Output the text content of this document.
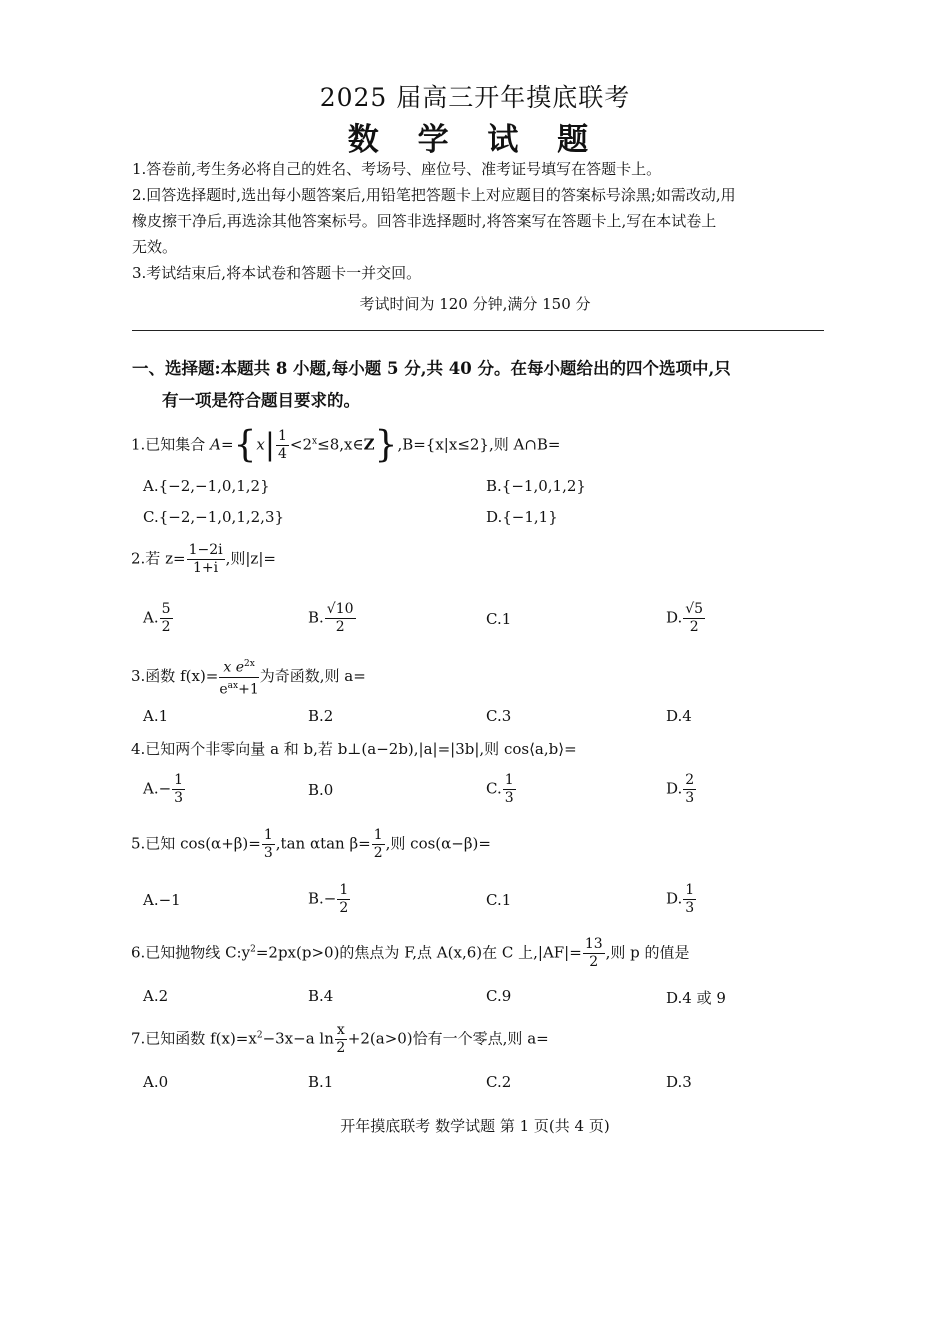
2025 届高三开年摸底联考
数 学 试 题
1.答卷前,考生务必将自己的姓名、考场号、座位号、准考证号填写在答题卡上。
2.回答选择题时,选出每小题答案后,用铅笔把答题卡上对应题目的答案标号涂黑;如需改动,用
橡皮擦干净后,再选涂其他答案标号。回答非选择题时,将答案写在答题卡上,写在本试卷上
无效。
3.考试结束后,将本试卷和答题卡一并交回。
考试时间为 120 分钟,满分 150 分
一、选择题:本题共 8 小题,每小题 5 分,共 40 分。在每小题给出的四个选项中,只
有一项是符合题目要求的。
1.已知集合 $A=\{x| \frac{1}{4}$ $<2^x\le 8,x\in Z\},B=\{x|x\le 2\}$,则 A∩B=
A.{−2,−1,0,1,2}	B.{−1,0,1,2}
C.{−2,−1,0,1,2,3}	D.{−1,1}
2.若 $z= \frac{1-2i}{1+i}$ ,则|z|=
A. $\frac{5}{2}$	B. $\frac{√10}{2}$	C.1	D. $\frac{√5}{2}$
3.函数 $f(x)= \frac{x e^{2x}}{e^{ax}+1}$ 为奇函数,则 a=
A.1	B.2	C.3	D.4
4.已知两个非零向量 a 和 b,若 b⊥(a−2b),|a|=|3b|,则 cos⟨a,b⟩=
$A.- \frac{1}{3}$	B.0	C. $\frac{1}{3}$	D. $\frac{2}{3}$
5.已知 $\cos(\alpha+\beta)= \frac{1}{3} ,\tan$ αtan $\beta= \frac{1}{2}$ ,则 cos(α−β)=
A.−1	$B.- \frac{1}{2}$	C.1	D. $\frac{1}{3}$
6.已知抛物线 $C:y^2=2px(p>0)$的焦点为 F,点 A(x,6)在 C 上$,|AF|= \frac{13}{2}$ ,则 p 的值是
A.2	B.4	C.9	D.4 或 9
7.已知函数 $f(x)=x^2-3x-a$ $\ln \frac{x}{2} +2(a>0)$恰有一个零点,则 a=
A.0	B.1	C.2	D.3
开年摸底联考 数学试题 第 1 页(共 4 页)
